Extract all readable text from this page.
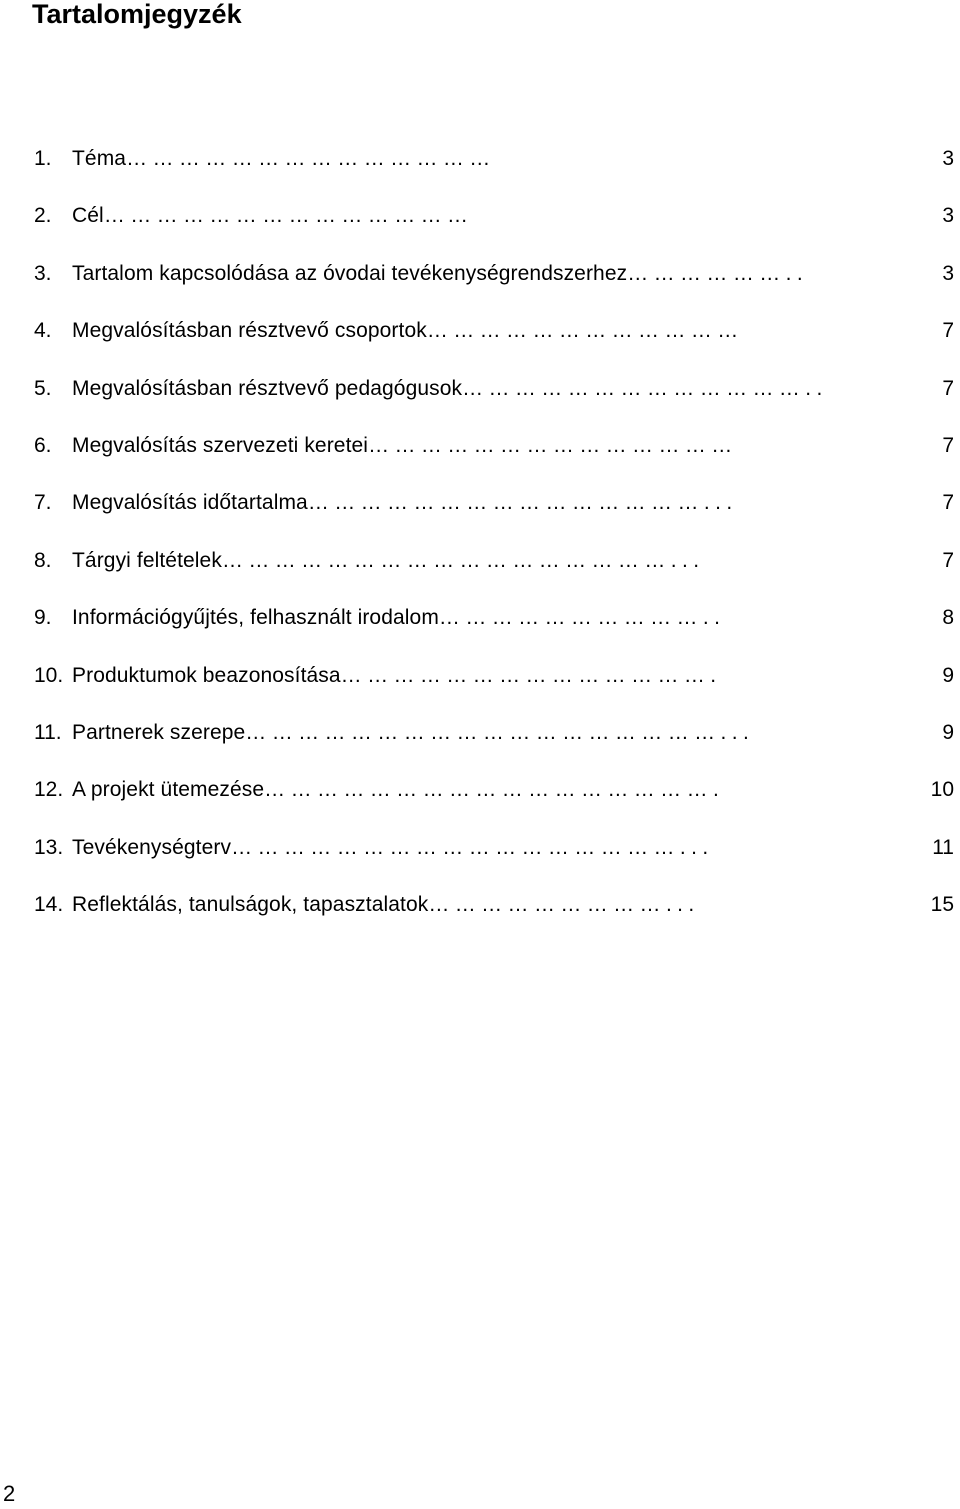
Tartalomjegyzék
1. Téma……………………………………	3
2. Cél……………………………………	3
3. Tartalom kapcsolódása az óvodai tevékenységrendszerhez………………..	3
4. Megvalósításban résztvevő csoportok………………………………	7
5. Megvalósításban résztvevő pedagógusok…………………………………..	7
6. Megvalósítás szervezeti keretei……………………………………	7
7. Megvalósítás időtartalma………………………………………...	7
8. Tárgyi feltételek……………………………………………...	7
9. Információgyűjtés, felhasznált irodalom…………………………..	8
10. Produktumok beazonosítása…………………………………….	9
11. Partnerek szerepe………………………………………………...	9
12. A projekt ütemezése…………………………………………….	10
13. Tevékenységterv……………………………………………...	11
14. Reflektálás, tanulságok, tapasztalatok………………………...	15
2
